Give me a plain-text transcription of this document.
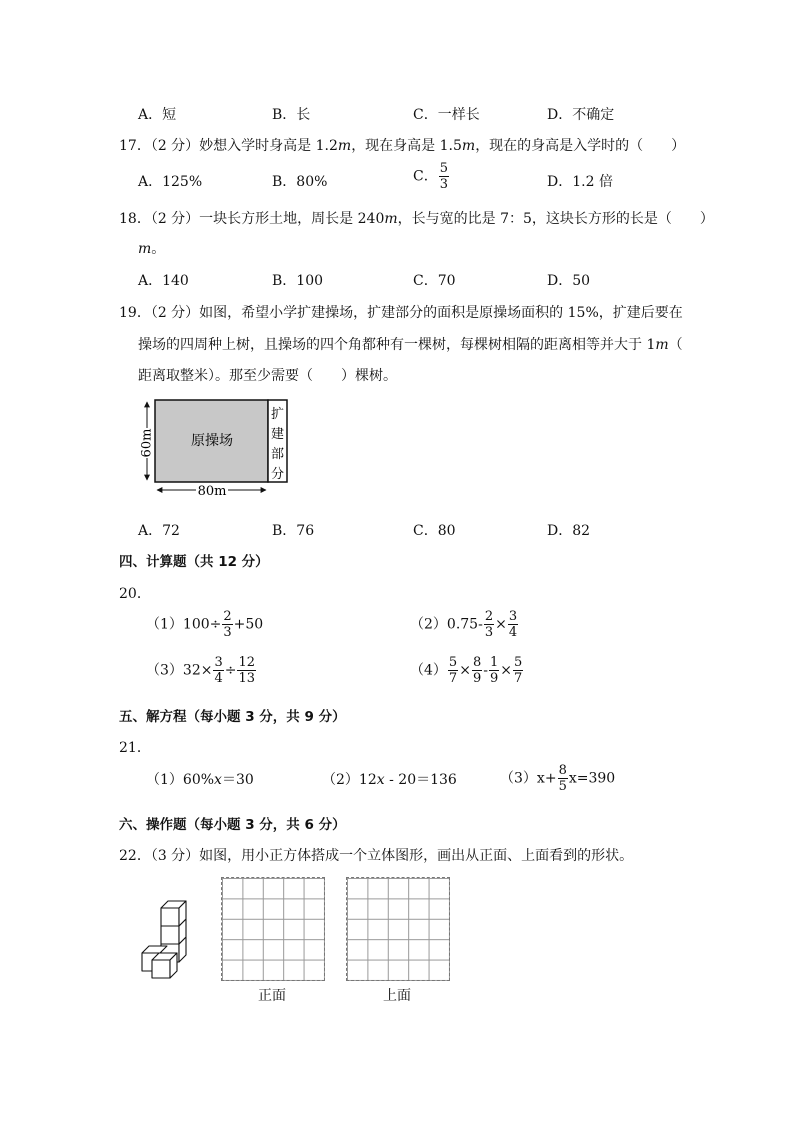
A．短	B．长	C．一样长	D．不确定
17．（2 分）妙想入学时身高是 1.2m，现在身高是 1.5m，现在的身高是入学时的（　　）
A．125%	B．80%	C． $\frac{5}{3}$	D．1.2 倍
18．（2 分）一块长方形土地，周长是 240m，长与宽的比是 7：5，这块长方形的长是（　　）
m。
A．140	B．100	C．70	D．50
19．（2 分）如图，希望小学扩建操场，扩建部分的面积是原操场面积的 15%，扩建后要在
操场的四周种上树，且操场的四个角都种有一棵树，每棵树相隔的距离相等并大于 1m（
距离取整米）。那至少需要（　　）棵树。
原操场
扩
建
部
分
60m
80m
A．72	B．76	C．80	D．82
四、计算题（共 12 分）
20．
$(1)100\div \frac{2}{3} +50$	$(2)0.75- \frac{2}{3} \times \frac{3}{4}$
$(3)32\times \frac{3}{4} \div \frac{12}{13}$	$(4) \frac{5}{7} \times \frac{8}{9} - \frac{1}{9} \times \frac{5}{7}$
五、解方程（每小题 3 分，共 9 分）
21．
（1）60%x＝30	（2）12x - 20＝136	$(3)x+ \frac{8}{5} x=390$
六、操作题（每小题 3 分，共 6 分）
22．（3 分）如图，用小正方体搭成一个立体图形，画出从正面、上面看到的形状。
正面	上面
